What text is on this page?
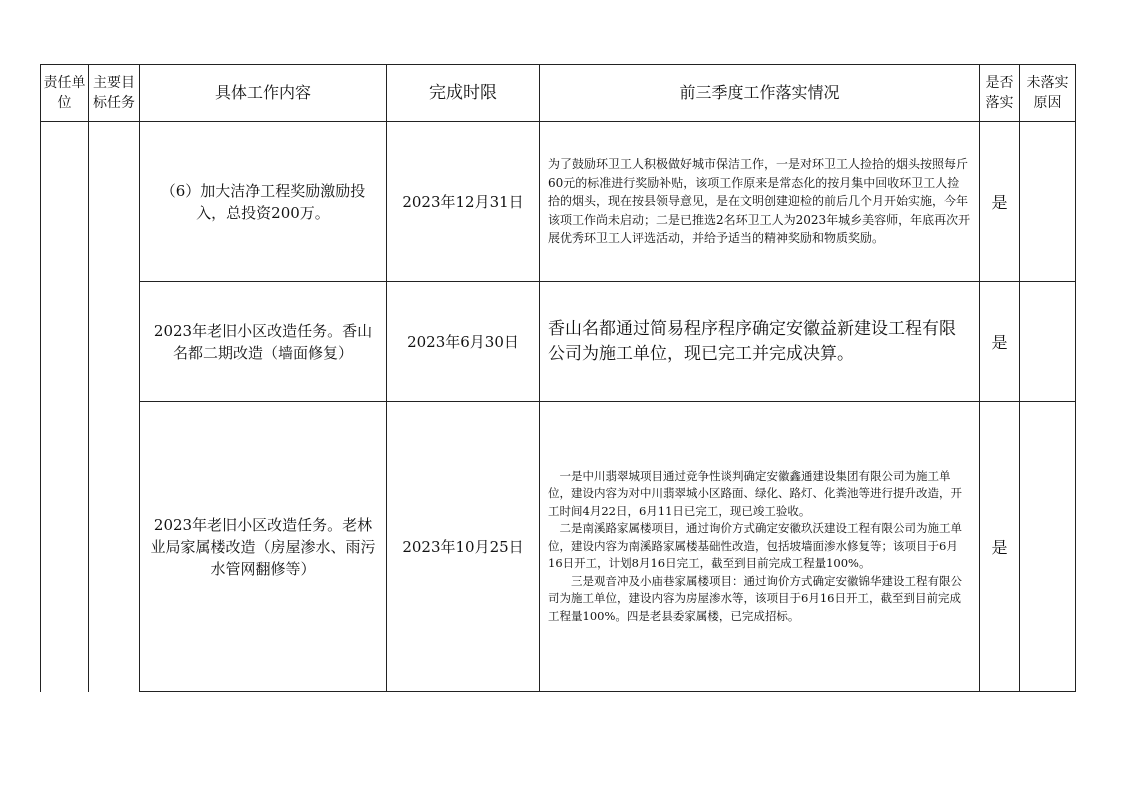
责任单位	主要目标任务	具体工作内容	完成时限	前三季度工作落实情况	是否落实	未落实原因
		（6）加大洁净工程奖励激励投入，总投资200万。	2023年12月31日	为了鼓励环卫工人积极做好城市保洁工作，一是对环卫工人捡拾的烟头按照每斤60元的标准进行奖励补贴，该项工作原来是常态化的按月集中回收环卫工人捡拾的烟头，现在按县领导意见，是在文明创建迎检的前后几个月开始实施，今年该项工作尚未启动；二是已推选2名环卫工人为2023年城乡美容师，年底再次开展优秀环卫工人评选活动，并给予适当的精神奖励和物质奖励。	是	
		2023年老旧小区改造任务。香山名都二期改造（墙面修复）	2023年6月30日	香山名都通过简易程序程序确定安徽益新建设工程有限公司为施工单位，现已完工并完成决算。	是	
		2023年老旧小区改造任务。老林业局家属楼改造（房屋渗水、雨污水管网翻修等）	2023年10月25日	一是中川翡翠城项目通过竞争性谈判确定安徽鑫通建设集团有限公司为施工单位，建设内容为对中川翡翠城小区路面、绿化、路灯、化粪池等进行提升改造，开工时间4月22日，6月11日已完工，现已竣工验收。
二是南溪路家属楼项目，通过询价方式确定安徽玖沃建设工程有限公司为施工单位，建设内容为南溪路家属楼基础性改造，包括坡墙面渗水修复等；该项目于6月16日开工，计划8月16日完工，截至到目前完成工程量100%。
三是观音冲及小庙巷家属楼项目：通过询价方式确定安徽锦华建设工程有限公司为施工单位，建设内容为房屋渗水等，该项目于6月16日开工，截至到目前完成工程量100%。四是老县委家属楼，已完成招标。	是	
